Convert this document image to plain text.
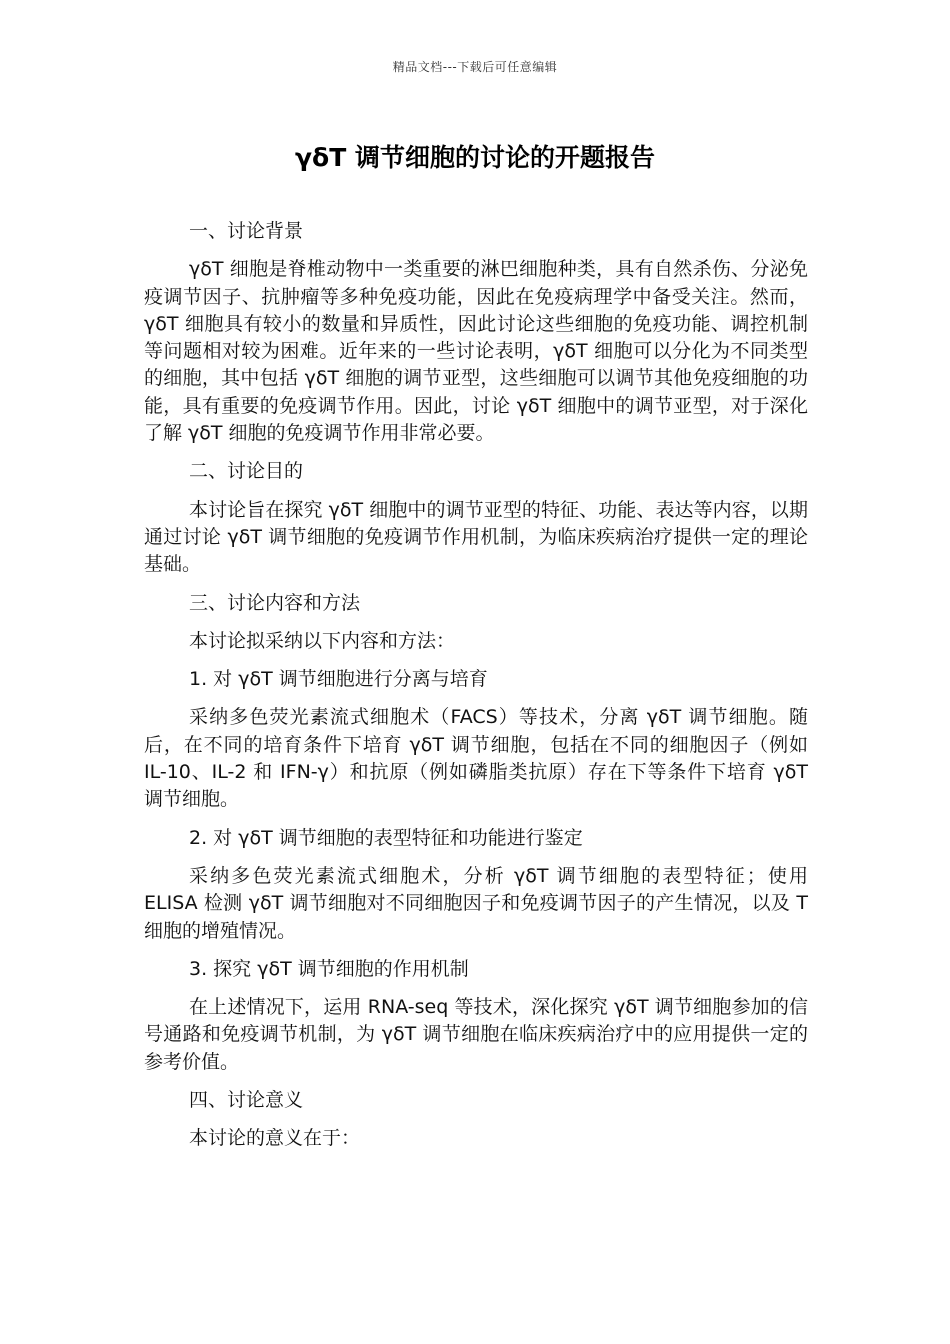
精品文档---下载后可任意编辑
γδT 调节细胞的讨论的开题报告

一、讨论背景

γδT 细胞是脊椎动物中一类重要的淋巴细胞种类，具有自然杀伤、分泌免疫调节因子、抗肿瘤等多种免疫功能，因此在免疫病理学中备受关注。然而，γδT 细胞具有较小的数量和异质性，因此讨论这些细胞的免疫功能、调控机制等问题相对较为困难。近年来的一些讨论表明，γδT 细胞可以分化为不同类型的细胞，其中包括 γδT 细胞的调节亚型，这些细胞可以调节其他免疫细胞的功能，具有重要的免疫调节作用。因此，讨论 γδT 细胞中的调节亚型，对于深化了解 γδT 细胞的免疫调节作用非常必要。

二、讨论目的

本讨论旨在探究 γδT 细胞中的调节亚型的特征、功能、表达等内容，以期通过讨论 γδT 调节细胞的免疫调节作用机制，为临床疾病治疗提供一定的理论基础。

三、讨论内容和方法

本讨论拟采纳以下内容和方法：

1. 对 γδT 调节细胞进行分离与培育

采纳多色荧光素流式细胞术（FACS）等技术，分离 γδT 调节细胞。随后，在不同的培育条件下培育 γδT 调节细胞，包括在不同的细胞因子（例如 IL-10、IL-2 和 IFN-γ）和抗原（例如磷脂类抗原）存在下等条件下培育 γδT 调节细胞。

2. 对 γδT 调节细胞的表型特征和功能进行鉴定

采纳多色荧光素流式细胞术，分析 γδT 调节细胞的表型特征；使用 ELISA 检测 γδT 调节细胞对不同细胞因子和免疫调节因子的产生情况，以及 T 细胞的增殖情况。

3. 探究 γδT 调节细胞的作用机制

在上述情况下，运用 RNA-seq 等技术，深化探究 γδT 调节细胞参加的信号通路和免疫调节机制，为 γδT 调节细胞在临床疾病治疗中的应用提供一定的参考价值。

四、讨论意义

本讨论的意义在于：
